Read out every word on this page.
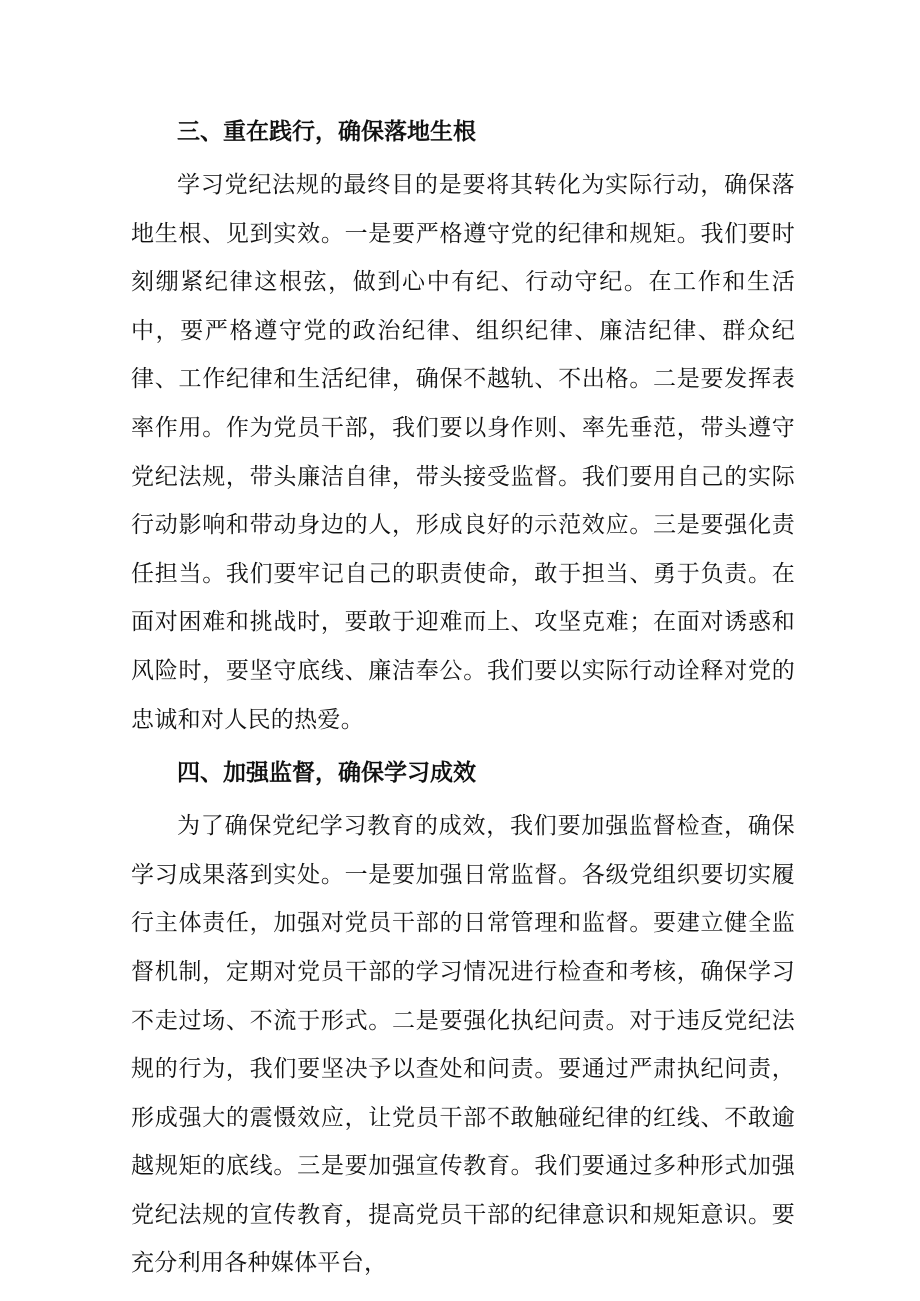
三、重在践行，确保落地生根

学习党纪法规的最终目的是要将其转化为实际行动，确保落地生根、见到实效。一是要严格遵守党的纪律和规矩。我们要时刻绷紧纪律这根弦，做到心中有纪、行动守纪。在工作和生活中，要严格遵守党的政治纪律、组织纪律、廉洁纪律、群众纪律、工作纪律和生活纪律，确保不越轨、不出格。二是要发挥表率作用。作为党员干部，我们要以身作则、率先垂范，带头遵守党纪法规，带头廉洁自律，带头接受监督。我们要用自己的实际行动影响和带动身边的人，形成良好的示范效应。三是要强化责任担当。我们要牢记自己的职责使命，敢于担当、勇于负责。在面对困难和挑战时，要敢于迎难而上、攻坚克难；在面对诱惑和风险时，要坚守底线、廉洁奉公。我们要以实际行动诠释对党的忠诚和对人民的热爱。

四、加强监督，确保学习成效

为了确保党纪学习教育的成效，我们要加强监督检查，确保学习成果落到实处。一是要加强日常监督。各级党组织要切实履行主体责任，加强对党员干部的日常管理和监督。要建立健全监督机制，定期对党员干部的学习情况进行检查和考核，确保学习不走过场、不流于形式。二是要强化执纪问责。对于违反党纪法规的行为，我们要坚决予以查处和问责。要通过严肃执纪问责，形成强大的震慑效应，让党员干部不敢触碰纪律的红线、不敢逾越规矩的底线。三是要加强宣传教育。我们要通过多种形式加强党纪法规的宣传教育，提高党员干部的纪律意识和规矩意识。要充分利用各种媒体平台，
